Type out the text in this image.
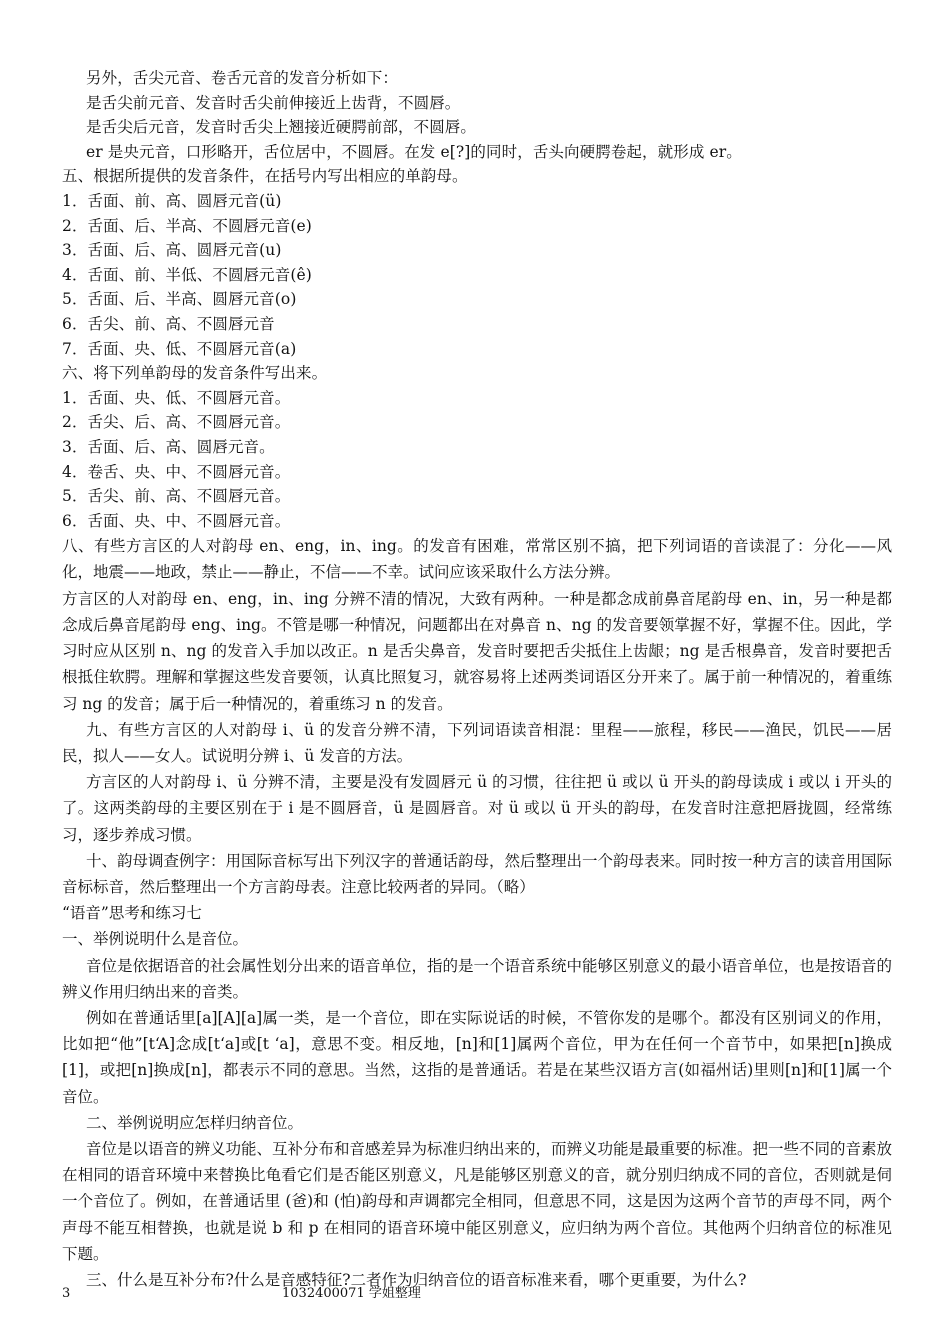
另外，舌尖元音、卷舌元音的发音分析如下：
是舌尖前元音、发音时舌尖前伸接近上齿背，不圆唇。
是舌尖后元音，发音时舌尖上翘接近硬腭前部，不圆唇。
er 是央元音，口形略开，舌位居中，不圆唇。在发 e[?]的同时，舌头向硬腭卷起，就形成 er。
五、根据所提供的发音条件，在括号内写出相应的单韵母。
1．舌面、前、高、圆唇元音(ü)
2．舌面、后、半高、不圆唇元音(e)
3．舌面、后、高、圆唇元音(u)
4．舌面、前、半低、不圆唇元音(ê)
5．舌面、后、半高、圆唇元音(o)
6．舌尖、前、高、不圆唇元音
7．舌面、央、低、不圆唇元音(a)
六、将下列单韵母的发音条件写出来。
1．舌面、央、低、不圆唇元音。
2．舌尖、后、高、不圆唇元音。
3．舌面、后、高、圆唇元音。
4．卷舌、央、中、不圆唇元音。
5．舌尖、前、高、不圆唇元音。
6．舌面、央、中、不圆唇元音。

八、有些方言区的人对韵母 en、eng，in、ing。的发音有困难，常常区别不搞，把下列词语的音读混了：分化——风化，地震——地政，禁止——静止，不信——不幸。试问应该采取什么方法分辨。

方言区的人对韵母 en、eng，in、ing 分辨不清的情况，大致有两种。一种是都念成前鼻音尾韵母 en、in，另一种是都念成后鼻音尾韵母 eng、ing。不管是哪一种情况，问题都出在对鼻音 n、ng 的发音要领掌握不好，掌握不住。因此，学习时应从区别 n、ng 的发音入手加以改正。n 是舌尖鼻音，发音时要把舌尖抵住上齿龈；ng 是舌根鼻音，发音时要把舌根抵住软腭。理解和掌握这些发音要领，认真比照复习，就容易将上述两类词语区分开来了。属于前一种情况的，着重练习 ng 的发音；属于后一种情况的，着重练习 n 的发音。

九、有些方言区的人对韵母 i、ü 的发音分辨不清，下列词语读音相混：里程——旅程，移民——渔民，饥民——居民，拟人——女人。试说明分辨 i、ü 发音的方法。

方言区的人对韵母 i、ü 分辨不清，主要是没有发圆唇元 ü 的习惯，往往把 ü 或以 ü 开头的韵母读成 i 或以 i 开头的了。这两类韵母的主要区别在于 i 是不圆唇音，ü 是圆唇音。对 ü 或以 ü 开头的韵母，在发音时注意把唇拢圆，经常练习，逐步养成习惯。

十、韵母调查例字：用国际音标写出下列汉字的普通话韵母，然后整理出一个韵母表来。同时按一种方言的读音用国际音标标音，然后整理出一个方言韵母表。注意比较两者的异同。（略）

“语音”思考和练习七

一、举例说明什么是音位。

音位是依据语音的社会属性划分出来的语音单位，指的是一个语音系统中能够区别意义的最小语音单位，也是按语音的辨义作用归纳出来的音类。

例如在普通话里[a][A][a]属一类，是一个音位，即在实际说话的时候，不管你发的是哪个。都没有区别词义的作用，比如把“他”[t‘A]念成[t‘a]或[t ‘a]，意思不变。相反地，[n]和[1]属两个音位，甲为在任何一个音节中，如果把[n]换成[1]，或把[n]换成[n]，都表示不同的意思。当然，这指的是普通话。若是在某些汉语方言(如福州话)里则[n]和[1]属一个音位。

二、举例说明应怎样归纳音位。

音位是以语音的辨义功能、互补分布和音感差异为标准归纳出来的，而辨义功能是最重要的标准。把一些不同的音素放在相同的语音环境中来替换比龟看它们是否能区别意义，凡是能够区别意义的音，就分别归纳成不同的音位，否则就是伺一个音位了。例如，在普通话里 (爸)和 (怕)韵母和声调都完全相同，但意思不同，这是因为这两个音节的声母不同，两个声母不能互相替换，也就是说 b 和 p 在相同的语音环境中能区别意义，应归纳为两个音位。其他两个归纳音位的标准见下题。

三、什么是互补分布?什么是音感特征?二者作为归纳音位的语音标准来看，哪个更重要，为什么?

3	1032400071 学姐整理
